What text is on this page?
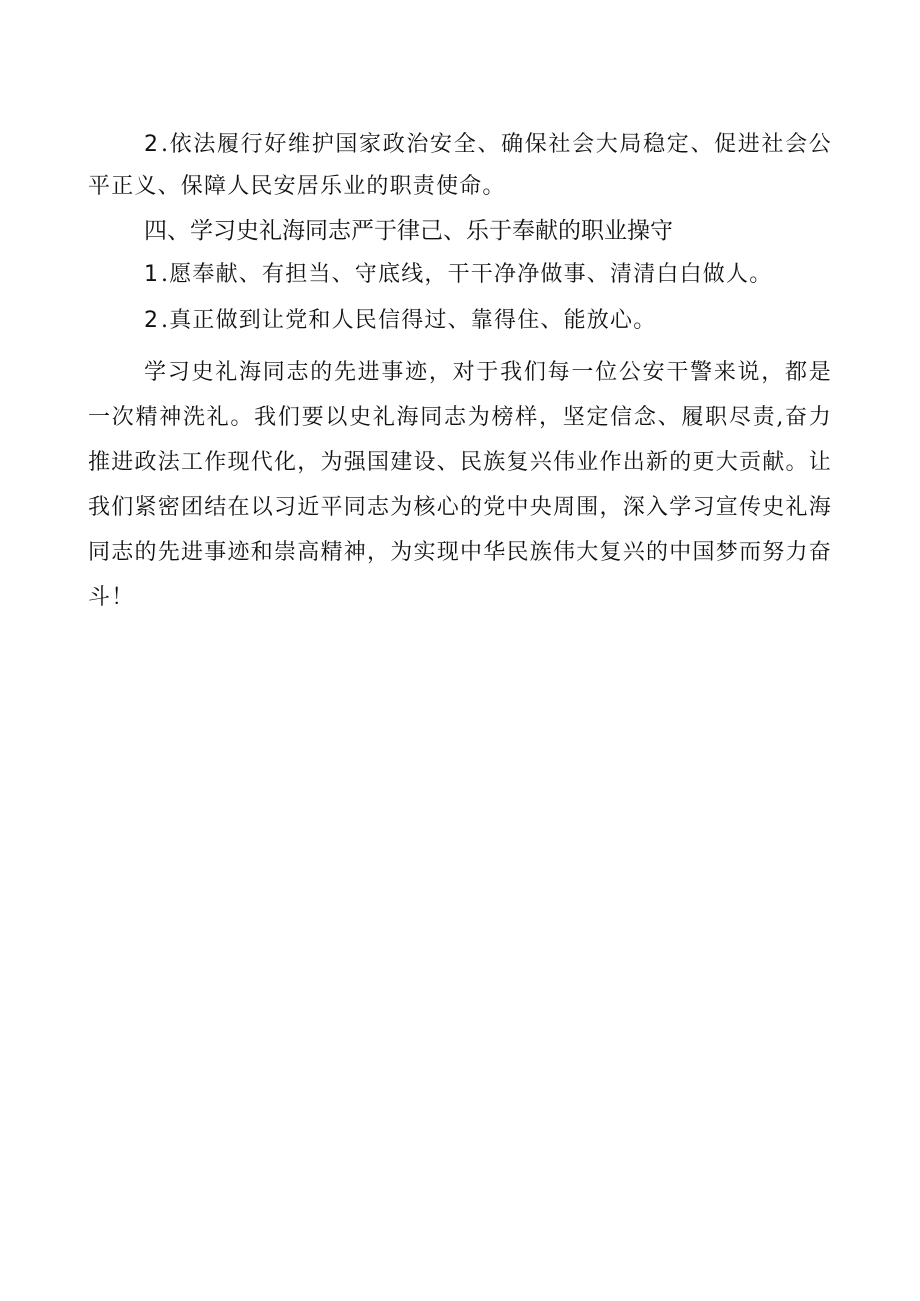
2.依法履行好维护国家政治安全、确保社会大局稳定、促进社会公平正义、保障人民安居乐业的职责使命。

四、学习史礼海同志严于律己、乐于奉献的职业操守

1.愿奉献、有担当、守底线，干干净净做事、清清白白做人。

2.真正做到让党和人民信得过、靠得住、能放心。

学习史礼海同志的先进事迹，对于我们每一位公安干警来说，都是一次精神洗礼。我们要以史礼海同志为榜样，坚定信念、履职尽责,奋力推进政法工作现代化，为强国建设、民族复兴伟业作出新的更大贡献。让我们紧密团结在以习近平同志为核心的党中央周围，深入学习宣传史礼海同志的先进事迹和崇高精神，为实现中华民族伟大复兴的中国梦而努力奋斗！
